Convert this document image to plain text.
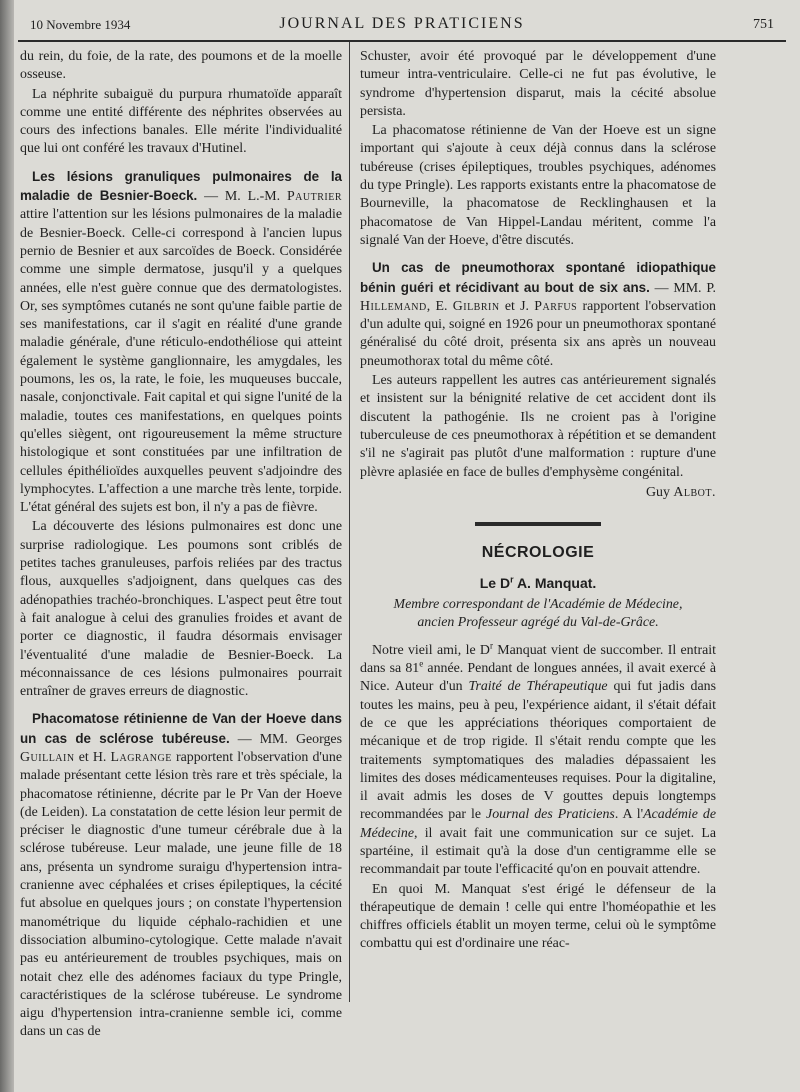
10 Novembre 1934	JOURNAL DES PRATICIENS	751

du rein, du foie, de la rate, des poumons et de la moelle osseuse.

La néphrite subaiguë du purpura rhumatoïde apparaît comme une entité différente des néphrites observées au cours des infections banales. Elle mérite l'individualité que lui ont conféré les travaux d'Hutinel.

Les lésions granuliques pulmonaires de la maladie de Besnier-Boeck. — M. L.-M. Pautrier attire l'attention sur les lésions pulmonaires de la maladie de Besnier-Boeck. Celle-ci correspond à l'ancien lupus pernio de Besnier et aux sarcoïdes de Boeck. Considérée comme une simple dermatose, jusqu'il y a quelques années, elle n'est guère connue que des dermatologistes. Or, ses symptômes cutanés ne sont qu'une faible partie de ses manifestations, car il s'agit en réalité d'une grande maladie générale, d'une réticulo-endothéliose qui atteint également le système ganglionnaire, les amygdales, les poumons, les os, la rate, le foie, les muqueuses buccale, nasale, conjonctivale. Fait capital et qui signe l'unité de la maladie, toutes ces manifestations, en quelques points qu'elles siègent, ont rigoureusement la même structure histologique et sont constituées par une infiltration de cellules épithélioïdes auxquelles peuvent s'adjoindre des lymphocytes. L'affection a une marche très lente, torpide. L'état général des sujets est bon, il n'y a pas de fièvre.

La découverte des lésions pulmonaires est donc une surprise radiologique. Les poumons sont criblés de petites taches granuleuses, parfois reliées par des tractus flous, auxquelles s'adjoignent, dans quelques cas des adénopathies trachéo-bronchiques. L'aspect peut être tout à fait analogue à celui des granulies froides et avant de porter ce diagnostic, il faudra désormais envisager l'éventualité d'une maladie de Besnier-Boeck. La méconnaissance de ces lésions pulmonaires pourrait entraîner de graves erreurs de diagnostic.

Phacomatose rétinienne de Van der Hoeve dans un cas de sclérose tubéreuse. — MM. Georges Guillain et H. Lagrange rapportent l'observation d'une malade présentant cette lésion très rare et très spéciale, la phacomatose rétinienne, décrite par le Pr Van der Hoeve (de Leiden). La constatation de cette lésion leur permit de préciser le diagnostic d'une tumeur cérébrale due à la sclérose tubéreuse. Leur malade, une jeune fille de 18 ans, présenta un syndrome suraigu d'hypertension intra-cranienne avec céphalées et crises épileptiques, la cécité fut absolue en quelques jours ; on constate l'hypertension manométrique du liquide céphalo-rachidien et une dissociation albumino-cytologique. Cette malade n'avait pas eu antérieurement de troubles psychiques, mais on notait chez elle des adénomes faciaux du type Pringle, caractéristiques de la sclérose tubéreuse. Le syndrome aigu d'hypertension intra-cranienne semble ici, comme dans un cas de

Schuster, avoir été provoqué par le développement d'une tumeur intra-ventriculaire. Celle-ci ne fut pas évolutive, le syndrome d'hypertension disparut, mais la cécité absolue persista.

La phacomatose rétinienne de Van der Hoeve est un signe important qui s'ajoute à ceux déjà connus dans la sclérose tubéreuse (crises épileptiques, troubles psychiques, adénomes du type Pringle). Les rapports existants entre la phacomatose de Bourneville, la phacomatose de Recklinghausen et la phacomatose de Van Hippel-Landau méritent, comme l'a signalé Van der Hoeve, d'être discutés.

Un cas de pneumothorax spontané idiopathique bénin guéri et récidivant au bout de six ans. — MM. P. Hillemand, E. Gilbrin et J. Parfus rapportent l'observation d'un adulte qui, soigné en 1926 pour un pneumothorax spontané généralisé du côté droit, présenta six ans après un nouveau pneumothorax total du même côté.

Les auteurs rappellent les autres cas antérieurement signalés et insistent sur la bénignité relative de cet accident dont ils discutent la pathogénie. Ils ne croient pas à l'origine tuberculeuse de ces pneumothorax à répétition et se demandent s'il ne s'agirait pas plutôt d'une malformation : rupture d'une plèvre aplasiée en face de bulles d'emphysème congénital.

Guy Albot.
NÉCROLOGIE
Le $D^r$ A. Manquat.
Membre correspondant de l'Académie de Médecine,
ancien Professeur agrégé du Val-de-Grâce.

Notre vieil ami, le $D^r$ Manquat vient de succomber. Il entrait dans sa 81e année. Pendant de longues années, il avait exercé à Nice. Auteur d'un Traité de Thérapeutique qui fut jadis dans toutes les mains, peu à peu, l'expérience aidant, il s'était défait de ce que les appréciations théoriques comportaient de mécanique et de trop rigide. Il s'était rendu compte que les traitements symptomatiques des maladies dépassaient les limites des doses médicamenteuses requises. Pour la digitaline, il avait admis les doses de V gouttes depuis longtemps recommandées par le Journal des Praticiens. A l'Académie de Médecine, il avait fait une communication sur ce sujet. La spartéine, il estimait qu'à la dose d'un centigramme elle se recommandait par toute l'efficacité qu'on en pouvait attendre.

En quoi M. Manquat s'est érigé le défenseur de la thérapeutique de demain ! celle qui entre l'homéopathie et les chiffres officiels établit un moyen terme, celui où le symptôme combattu qui est d'ordinaire une réac-
